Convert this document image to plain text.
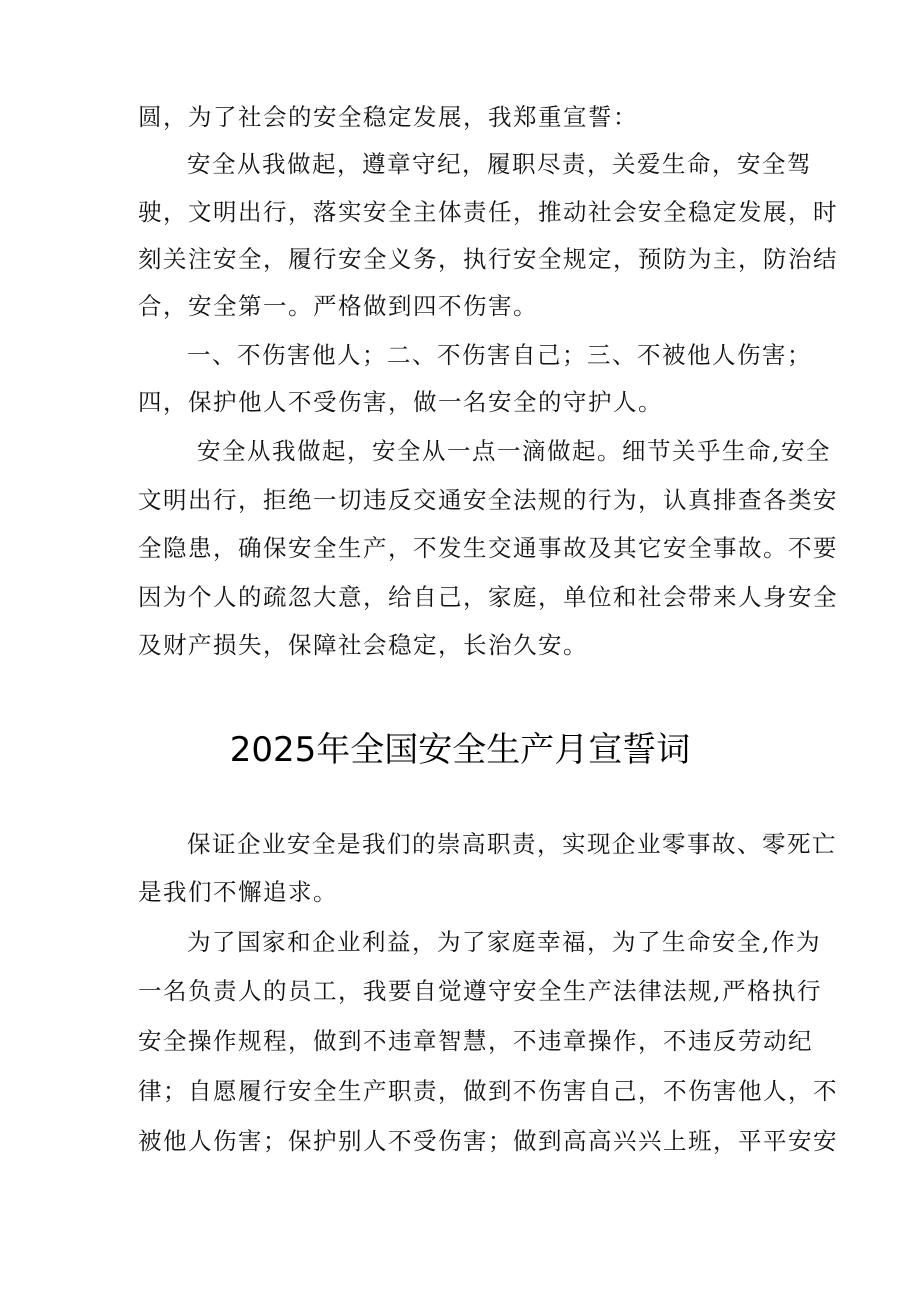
圆，为了社会的安全稳定发展，我郑重宣誓：
安全从我做起，遵章守纪，履职尽责，关爱生命，安全驾
驶，文明出行，落实安全主体责任，推动社会安全稳定发展，时
刻关注安全，履行安全义务，执行安全规定，预防为主，防治结
合，安全第一。严格做到四不伤害。
一、不伤害他人；二、不伤害自己；三、不被他人伤害；
四，保护他人不受伤害，做一名安全的守护人。
安全从我做起，安全从一点一滴做起。细节关乎生命,安全
文明出行，拒绝一切违反交通安全法规的行为，认真排查各类安
全隐患，确保安全生产，不发生交通事故及其它安全事故。不要
因为个人的疏忽大意，给自己，家庭，单位和社会带来人身安全
及财产损失，保障社会稳定，长治久安。
2025年全国安全生产月宣誓词
保证企业安全是我们的崇高职责，实现企业零事故、零死亡
是我们不懈追求。
为了国家和企业利益，为了家庭幸福，为了生命安全,作为
一名负责人的员工，我要自觉遵守安全生产法律法规,严格执行
安全操作规程，做到不违章智慧，不违章操作，不违反劳动纪
律；自愿履行安全生产职责，做到不伤害自己，不伤害他人，不
被他人伤害；保护别人不受伤害；做到高高兴兴上班，平平安安
